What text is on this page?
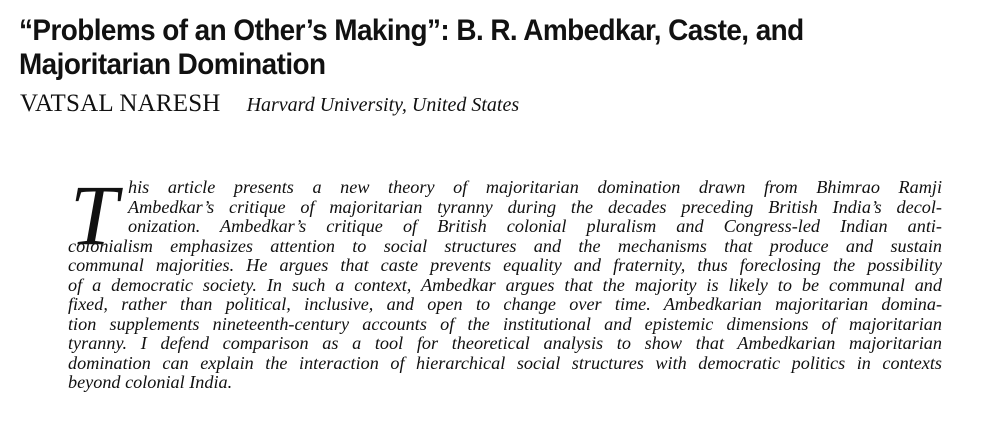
“Problems of an Other’s Making”: B. R. Ambedkar, Caste, and
Majoritarian Domination
VATSAL NARESH Harvard University, United States
T his article presents a new theory of majoritarian domination drawn from Bhimrao Ramji
Ambedkar’s critique of majoritarian tyranny during the decades preceding British India’s decol-
onization. Ambedkar’s critique of British colonial pluralism and Congress-led Indian anti-
colonialism emphasizes attention to social structures and the mechanisms that produce and sustain
communal majorities. He argues that caste prevents equality and fraternity, thus foreclosing the possibility
of a democratic society. In such a context, Ambedkar argues that the majority is likely to be communal and
fixed, rather than political, inclusive, and open to change over time. Ambedkarian majoritarian domina-
tion supplements nineteenth-century accounts of the institutional and epistemic dimensions of majoritarian
tyranny. I defend comparison as a tool for theoretical analysis to show that Ambedkarian majoritarian
domination can explain the interaction of hierarchical social structures with democratic politics in contexts
beyond colonial India.
